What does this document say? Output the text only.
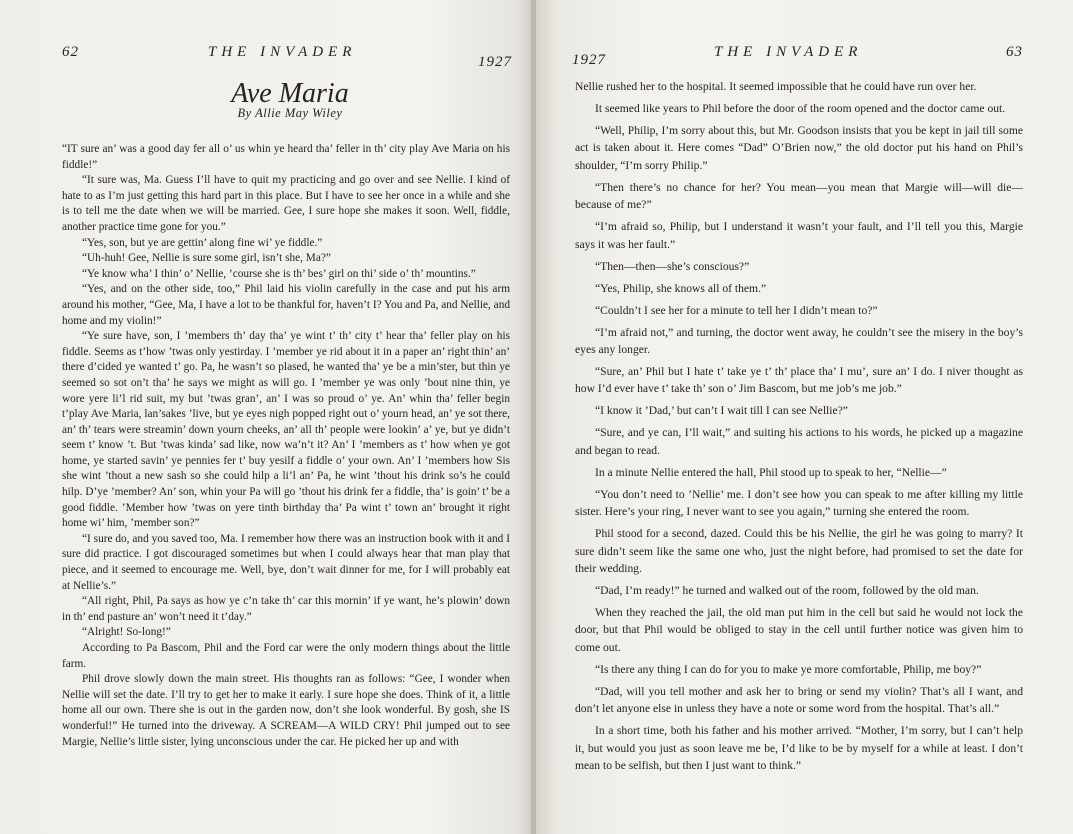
62	THE INVADER
1927
Ave Maria
By Allie May Wiley

“IT sure an’ was a good day fer all o’ us whin ye heard tha’ feller in th’ city play Ave Maria on his fiddle!”

“It sure was, Ma. Guess I’ll have to quit my practicing and go over and see Nellie. I kind of hate to as I’m just getting this hard part in this place. But I have to see her once in a while and she is to tell me the date when we will be married. Gee, I sure hope she makes it soon. Well, fiddle, another practice time gone for you.”

“Yes, son, but ye are gettin’ along fine wi’ ye fiddle.”

“Uh-huh! Gee, Nellie is sure some girl, isn’t she, Ma?”

“Ye know wha’ I thin’ o’ Nellie, ’course she is th’ bes’ girl on thi’ side o’ th’ mountins.”

“Yes, and on the other side, too,” Phil laid his violin carefully in the case and put his arm around his mother, “Gee, Ma, I have a lot to be thankful for, haven’t I? You and Pa, and Nellie, and home and my violin!”

“Ye sure have, son, I ’members th’ day tha’ ye wint t’ th’ city t’ hear tha’ feller play on his fiddle. Seems as t’how ’twas only yestirday. I ’member ye rid about it in a paper an’ right thin’ an’ there d’cided ye wanted t’ go. Pa, he wasn’t so plased, he wanted tha’ ye be a min’ster, but thin ye seemed so sot on’t tha’ he says we might as will go. I ’member ye was only ’bout nine thin, ye wore yere li’l rid suit, my but ’twas gran’, an’ I was so proud o’ ye. An’ whin tha’ feller begin t’play Ave Maria, lan’sakes ’live, but ye eyes nigh popped right out o’ yourn head, an’ ye sot there, an’ th’ tears were streamin’ down yourn cheeks, an’ all th’ people were lookin’ a’ ye, but ye didn’t seem t’ know ’t. But ’twas kinda’ sad like, now wa’n’t it? An’ I ’members as t’ how when ye got home, ye started savin’ ye pennies fer t’ buy yesilf a fiddle o’ your own. An’ I ’members how Sis she wint ’thout a new sash so she could hilp a li’l an’ Pa, he wint ’thout his drink so’s he could hilp. D’ye ’member? An’ son, whin your Pa will go ’thout his drink fer a fiddle, tha’ is goin’ t’ be a good fiddle. ’Member how ’twas on yere tinth birthday tha’ Pa wint t’ town an’ brought it right home wi’ him, ’member son?”

“I sure do, and you saved too, Ma. I remember how there was an instruction book with it and I sure did practice. I got discouraged sometimes but when I could always hear that man play that piece, and it seemed to encourage me. Well, bye, don’t wait dinner for me, for I will probably eat at Nellie’s.”

“All right, Phil, Pa says as how ye c’n take th’ car this mornin’ if ye want, he’s plowin’ down in th’ end pasture an’ won’t need it t’day.”

“Alright! So-long!”

According to Pa Bascom, Phil and the Ford car were the only modern things about the little farm.

Phil drove slowly down the main street. His thoughts ran as follows: “Gee, I wonder when Nellie will set the date. I’ll try to get her to make it early. I sure hope she does. Think of it, a little home all our own. There she is out in the garden now, don’t she look wonderful. By gosh, she IS wonderful!” He turned into the driveway. A SCREAM—A WILD CRY! Phil jumped out to see Margie, Nellie’s little sister, lying unconscious under the car. He picked her up and with

1927	THE INVADER	63

Nellie rushed her to the hospital. It seemed impossible that he could have run over her.

It seemed like years to Phil before the door of the room opened and the doctor came out.

“Well, Philip, I’m sorry about this, but Mr. Goodson insists that you be kept in jail till some act is taken about it. Here comes “Dad” O’Brien now,” the old doctor put his hand on Phil’s shoulder, “I’m sorry Philip.”

“Then there’s no chance for her? You mean—you mean that Margie will—will die—because of me?”

“I’m afraid so, Philip, but I understand it wasn’t your fault, and I’ll tell you this, Margie says it was her fault.”

“Then—then—she’s conscious?”

“Yes, Philip, she knows all of them.”

“Couldn’t I see her for a minute to tell her I didn’t mean to?”

“I’m afraid not,” and turning, the doctor went away, he couldn’t see the misery in the boy’s eyes any longer.

“Sure, an’ Phil but I hate t’ take ye t’ th’ place tha’ I mu’, sure an’ I do. I niver thought as how I’d ever have t’ take th’ son o’ Jim Bascom, but me job’s me job.”

“I know it ’Dad,’ but can’t I wait till I can see Nellie?”

“Sure, and ye can, I’ll wait,” and suiting his actions to his words, he picked up a magazine and began to read.

In a minute Nellie entered the hall, Phil stood up to speak to her, “Nellie—”

“You don’t need to ’Nellie’ me. I don’t see how you can speak to me after killing my little sister. Here’s your ring, I never want to see you again,” turning she entered the room.

Phil stood for a second, dazed. Could this be his Nellie, the girl he was going to marry? It sure didn’t seem like the same one who, just the night before, had promised to set the date for their wedding.

“Dad, I’m ready!” he turned and walked out of the room, followed by the old man.

When they reached the jail, the old man put him in the cell but said he would not lock the door, but that Phil would be obliged to stay in the cell until further notice was given him to come out.

“Is there any thing I can do for you to make ye more comfortable, Philip, me boy?”

“Dad, will you tell mother and ask her to bring or send my violin? That’s all I want, and don’t let anyone else in unless they have a note or some word from the hospital. That’s all.”

In a short time, both his father and his mother arrived. “Mother, I’m sorry, but I can’t help it, but would you just as soon leave me be, I’d like to be by myself for a while at least. I don’t mean to be selfish, but then I just want to think.”
